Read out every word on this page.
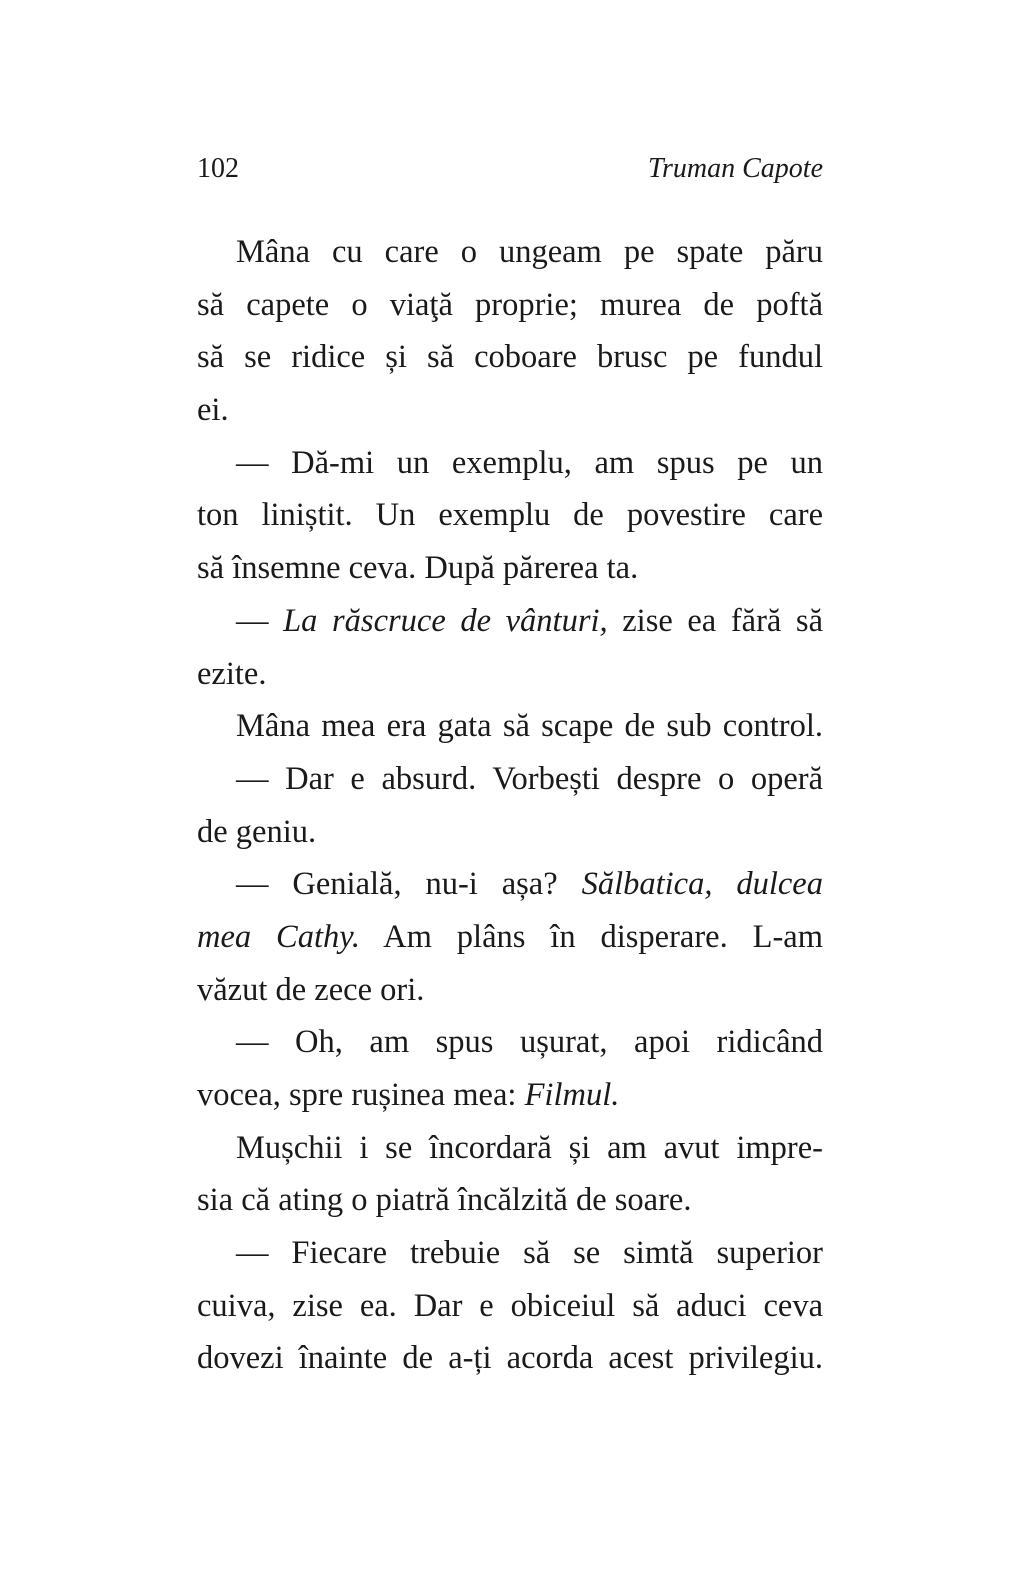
102	Truman Capote
Mâna cu care o ungeam pe spate păru
să capete o viaţă proprie; murea de poftă
să se ridice și să coboare brusc pe fundul
ei.
— Dă-mi un exemplu, am spus pe un
ton liniștit. Un exemplu de povestire care
să însemne ceva. După părerea ta.
— La răscruce de vânturi, zise ea fără să
ezite.
Mâna mea era gata să scape de sub control.
— Dar e absurd. Vorbești despre o operă
de geniu.
— Genială, nu-i așa? Sălbatica, dulcea
mea Cathy. Am plâns în disperare. L-am
văzut de zece ori.
— Oh, am spus ușurat, apoi ridicând
vocea, spre rușinea mea: Filmul.
Mușchii i se încordară și am avut impre-
sia că ating o piatră încălzită de soare.
— Fiecare trebuie să se simtă superior
cuiva, zise ea. Dar e obiceiul să aduci ceva
dovezi înainte de a-ți acorda acest privilegiu.
